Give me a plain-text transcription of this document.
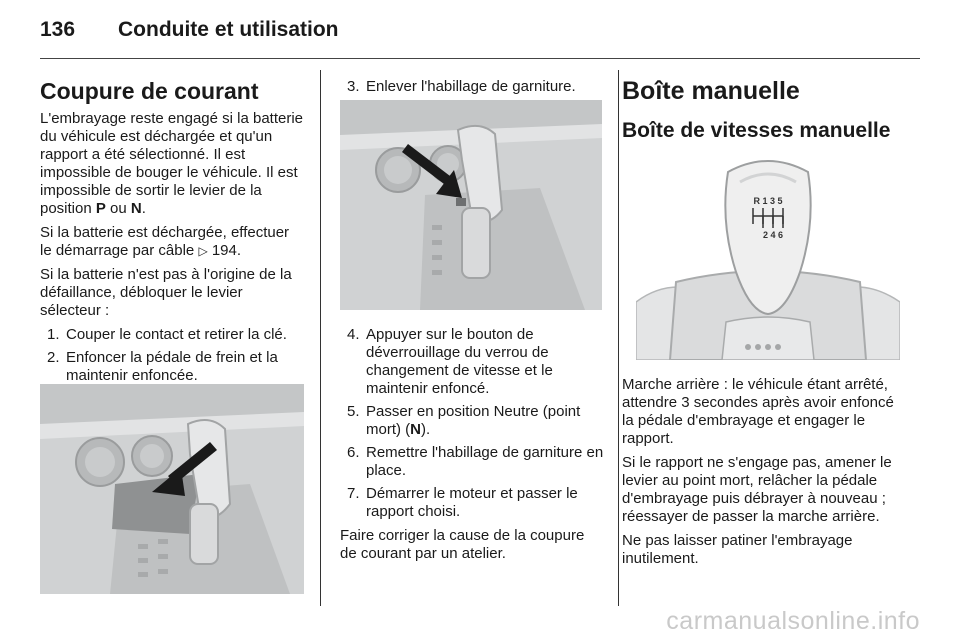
136 Conduite et utilisation
Coupure de courant

L'embrayage reste engagé si la batterie du véhicule est déchargée et qu'un rapport a été sélectionné. Il est impossible de bouger le véhicule. Il est impossible de sortir le levier de la position P ou N.

Si la batterie est déchargée, effectuer le démarrage par câble ▷ 194.

Si la batterie n'est pas à l'origine de la défaillance, débloquer le levier sélecteur :

1. Couper le contact et retirer la clé.
2. Enfoncer la pédale de frein et la maintenir enfoncée.
3. Enlever l'habillage de garniture.
4. Appuyer sur le bouton de déverrouillage du verrou de changement de vitesse et le maintenir enfoncé.
5. Passer en position Neutre (point mort) (N).
6. Remettre l'habillage de garniture en place.
7. Démarrer le moteur et passer le rapport choisi.

Faire corriger la cause de la coupure de courant par un atelier.

Boîte manuelle
Boîte de vitesses manuelle
R 1 3 5
2 4 6

Marche arrière : le véhicule étant arrêté, attendre 3 secondes après avoir enfoncé la pédale d'embrayage et engager le rapport.

Si le rapport ne s'engage pas, amener le levier au point mort, relâcher la pédale d'embrayage puis débrayer à nouveau ; réessayer de passer la marche arrière.

Ne pas laisser patiner l'embrayage inutilement.

carmanualsonline.info
